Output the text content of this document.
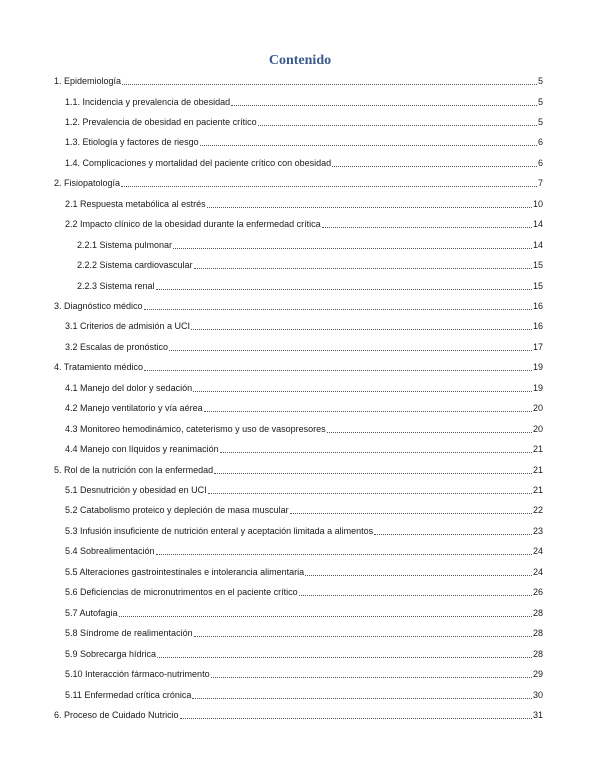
Contenido
1. Epidemiología	5
1.1. Incidencia y prevalencia de obesidad	5
1.2. Prevalencia de obesidad en paciente crítico	5
1.3. Etiología y factores de riesgo	6
1.4. Complicaciones y mortalidad del paciente crítico con obesidad	6
2. Fisiopatología	7
2.1 Respuesta metabólica al estrés	10
2.2 Impacto clínico de la obesidad durante la enfermedad crítica	14
2.2.1 Sistema pulmonar	14
2.2.2 Sistema cardiovascular	15
2.2.3 Sistema renal	15
3. Diagnóstico médico	16
3.1 Criterios de admisión a UCI	16
3.2 Escalas de pronóstico	17
4. Tratamiento médico	19
4.1 Manejo del dolor y sedación	19
4.2 Manejo ventilatorio y vía aérea	20
4.3 Monitoreo hemodinámico, cateterismo y uso de vasopresores	20
4.4 Manejo con líquidos y reanimación	21
5. Rol de la nutrición con la enfermedad	21
5.1 Desnutrición y obesidad en UCI	21
5.2 Catabolismo proteico y depleción de masa muscular	22
5.3 Infusión insuficiente de nutrición enteral y aceptación limitada a alimentos	23
5.4 Sobrealimentación	24
5.5 Alteraciones gastrointestinales e intolerancia alimentaria	24
5.6 Deficiencias de micronutrimentos en el paciente crítico	26
5.7 Autofagia	28
5.8 Síndrome de realimentación	28
5.9 Sobrecarga hídrica	28
5.10 Interacción fármaco-nutrimento	29
5.11 Enfermedad crítica crónica	30
6. Proceso de Cuidado Nutricio	31
